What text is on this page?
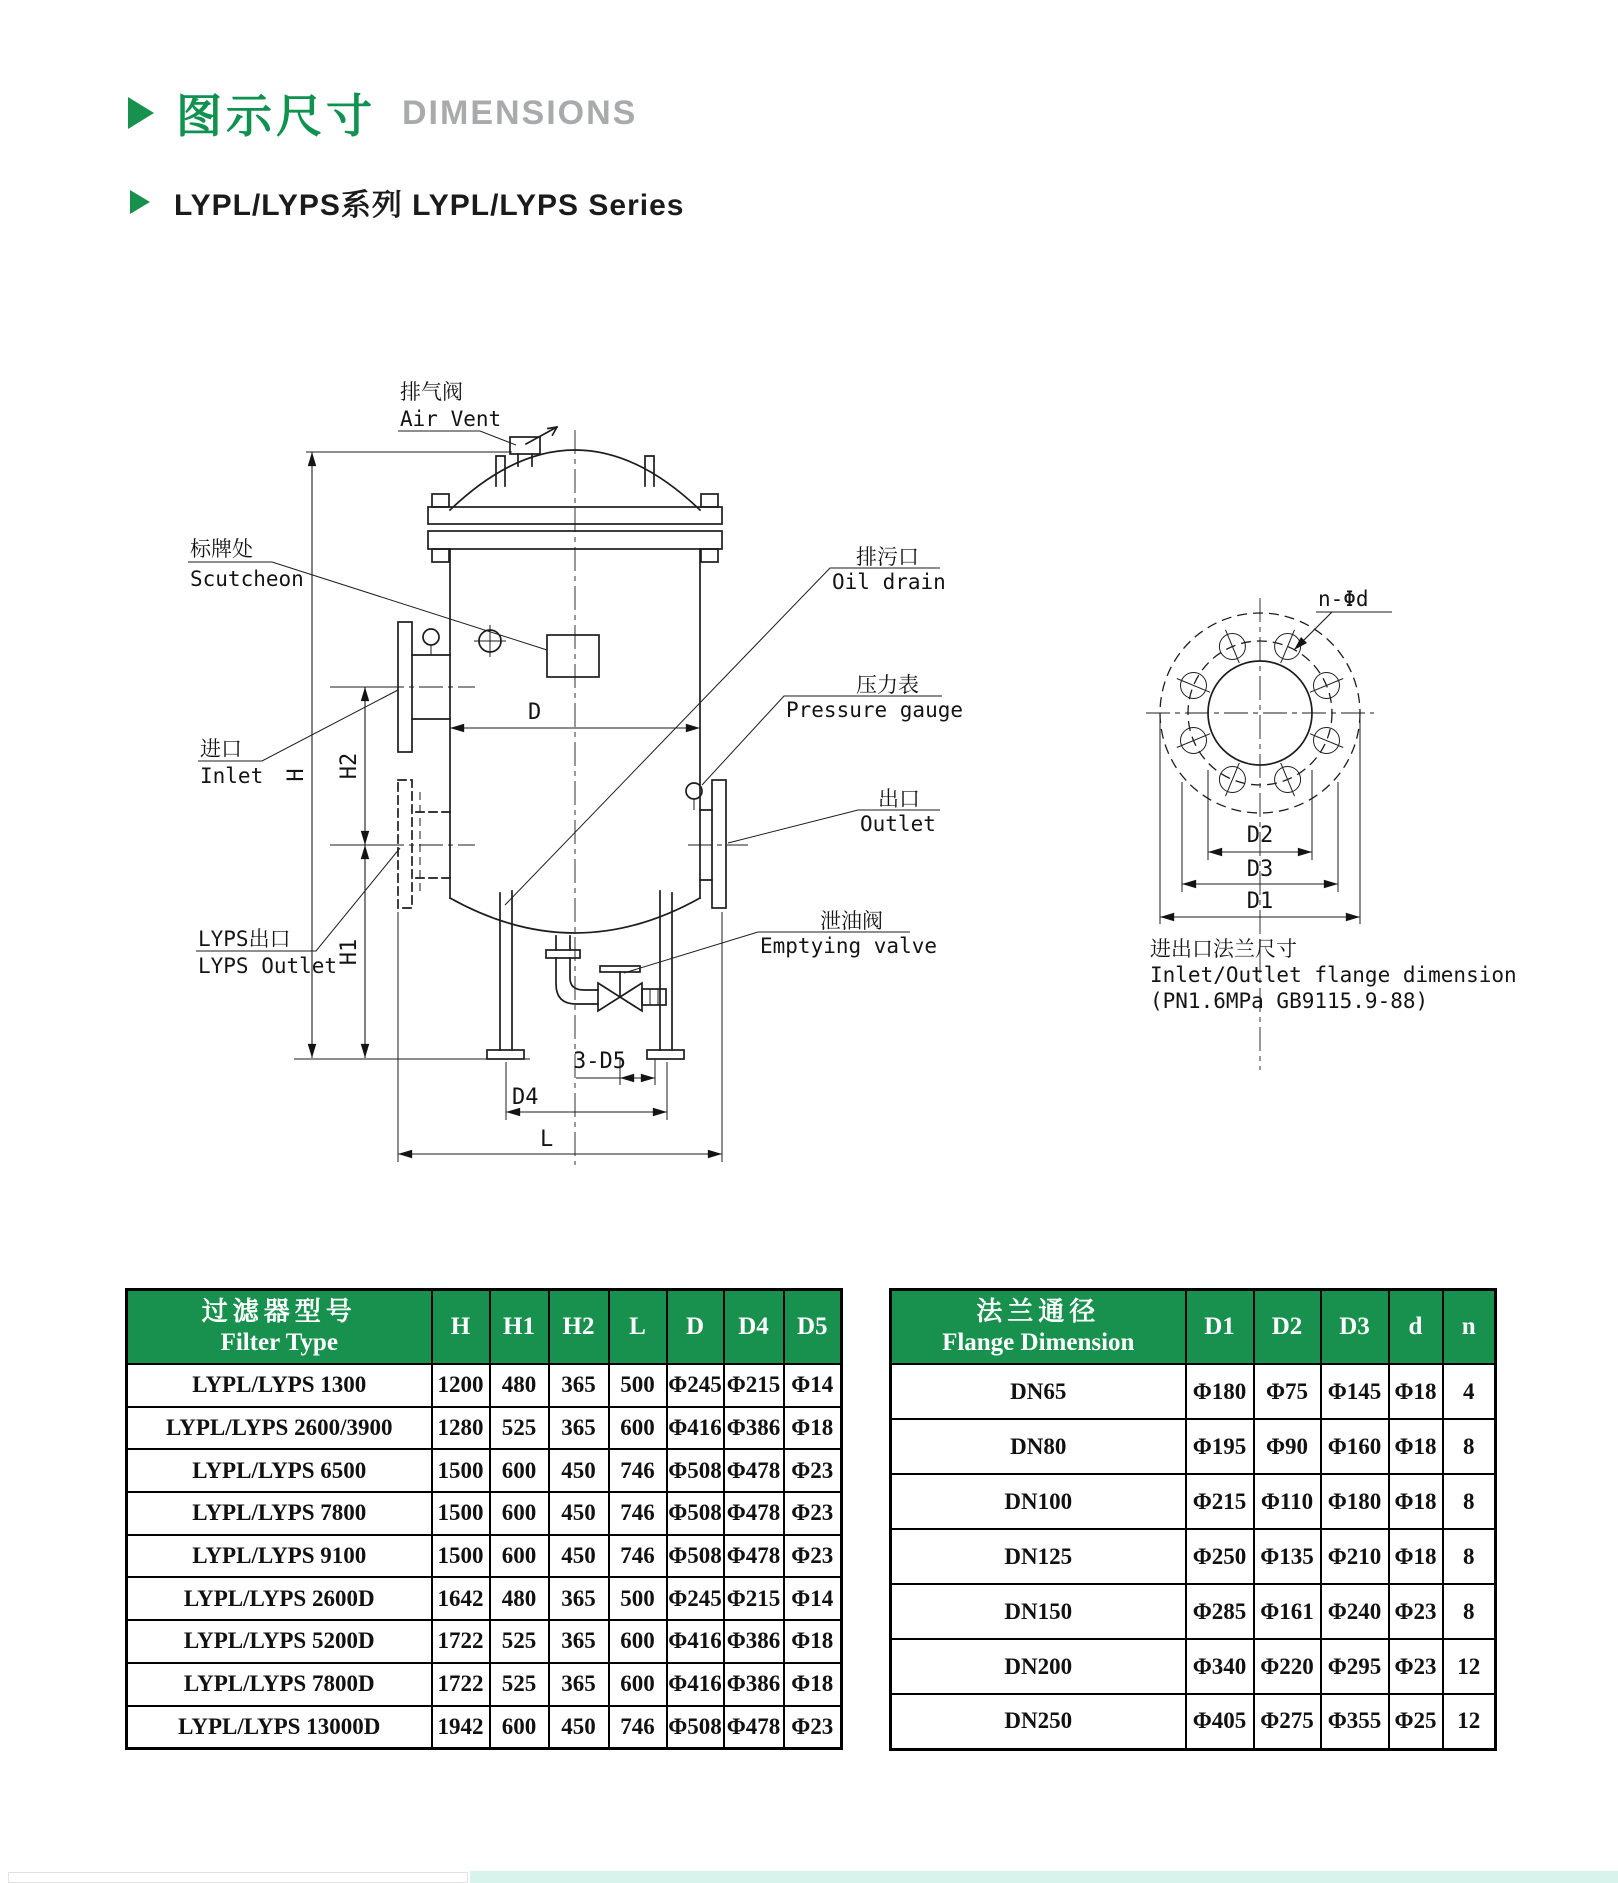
图示尺寸 DIMENSIONS
LYPL/LYPS系列 LYPL/LYPS Series
H H2
H1
D
3-D5
D4
L
排气阀
Air Vent
标牌处
Scutcheon
进口
Inlet
LYPS出口
LYPS Outlet
排污口
Oil drain
压力表
Pressure gauge
出口
Outlet
泄油阀
Emptying valve
n-Φd
D2
D3
D1
进出口法兰尺寸
Inlet/Outlet flange dimension
(PN1.6MPa GB9115.9-88)
过滤器型号
Filter Type	H	H1	H2	L	D	D4	D5
LYPL/LYPS 1300	1200	480	365	500	Φ245	Φ215	Φ14
LYPL/LYPS 2600/3900	1280	525	365	600	Φ416	Φ386	Φ18
LYPL/LYPS 6500	1500	600	450	746	Φ508	Φ478	Φ23
LYPL/LYPS 7800	1500	600	450	746	Φ508	Φ478	Φ23
LYPL/LYPS 9100	1500	600	450	746	Φ508	Φ478	Φ23
LYPL/LYPS 2600D	1642	480	365	500	Φ245	Φ215	Φ14
LYPL/LYPS 5200D	1722	525	365	600	Φ416	Φ386	Φ18
LYPL/LYPS 7800D	1722	525	365	600	Φ416	Φ386	Φ18
LYPL/LYPS 13000D	1942	600	450	746	Φ508	Φ478	Φ23
法兰通径
Flange Dimension	D1	D2	D3	d	n
DN65	Φ180	Φ75	Φ145	Φ18	4
DN80	Φ195	Φ90	Φ160	Φ18	8
DN100	Φ215	Φ110	Φ180	Φ18	8
DN125	Φ250	Φ135	Φ210	Φ18	8
DN150	Φ285	Φ161	Φ240	Φ23	8
DN200	Φ340	Φ220	Φ295	Φ23	12
DN250	Φ405	Φ275	Φ355	Φ25	12
